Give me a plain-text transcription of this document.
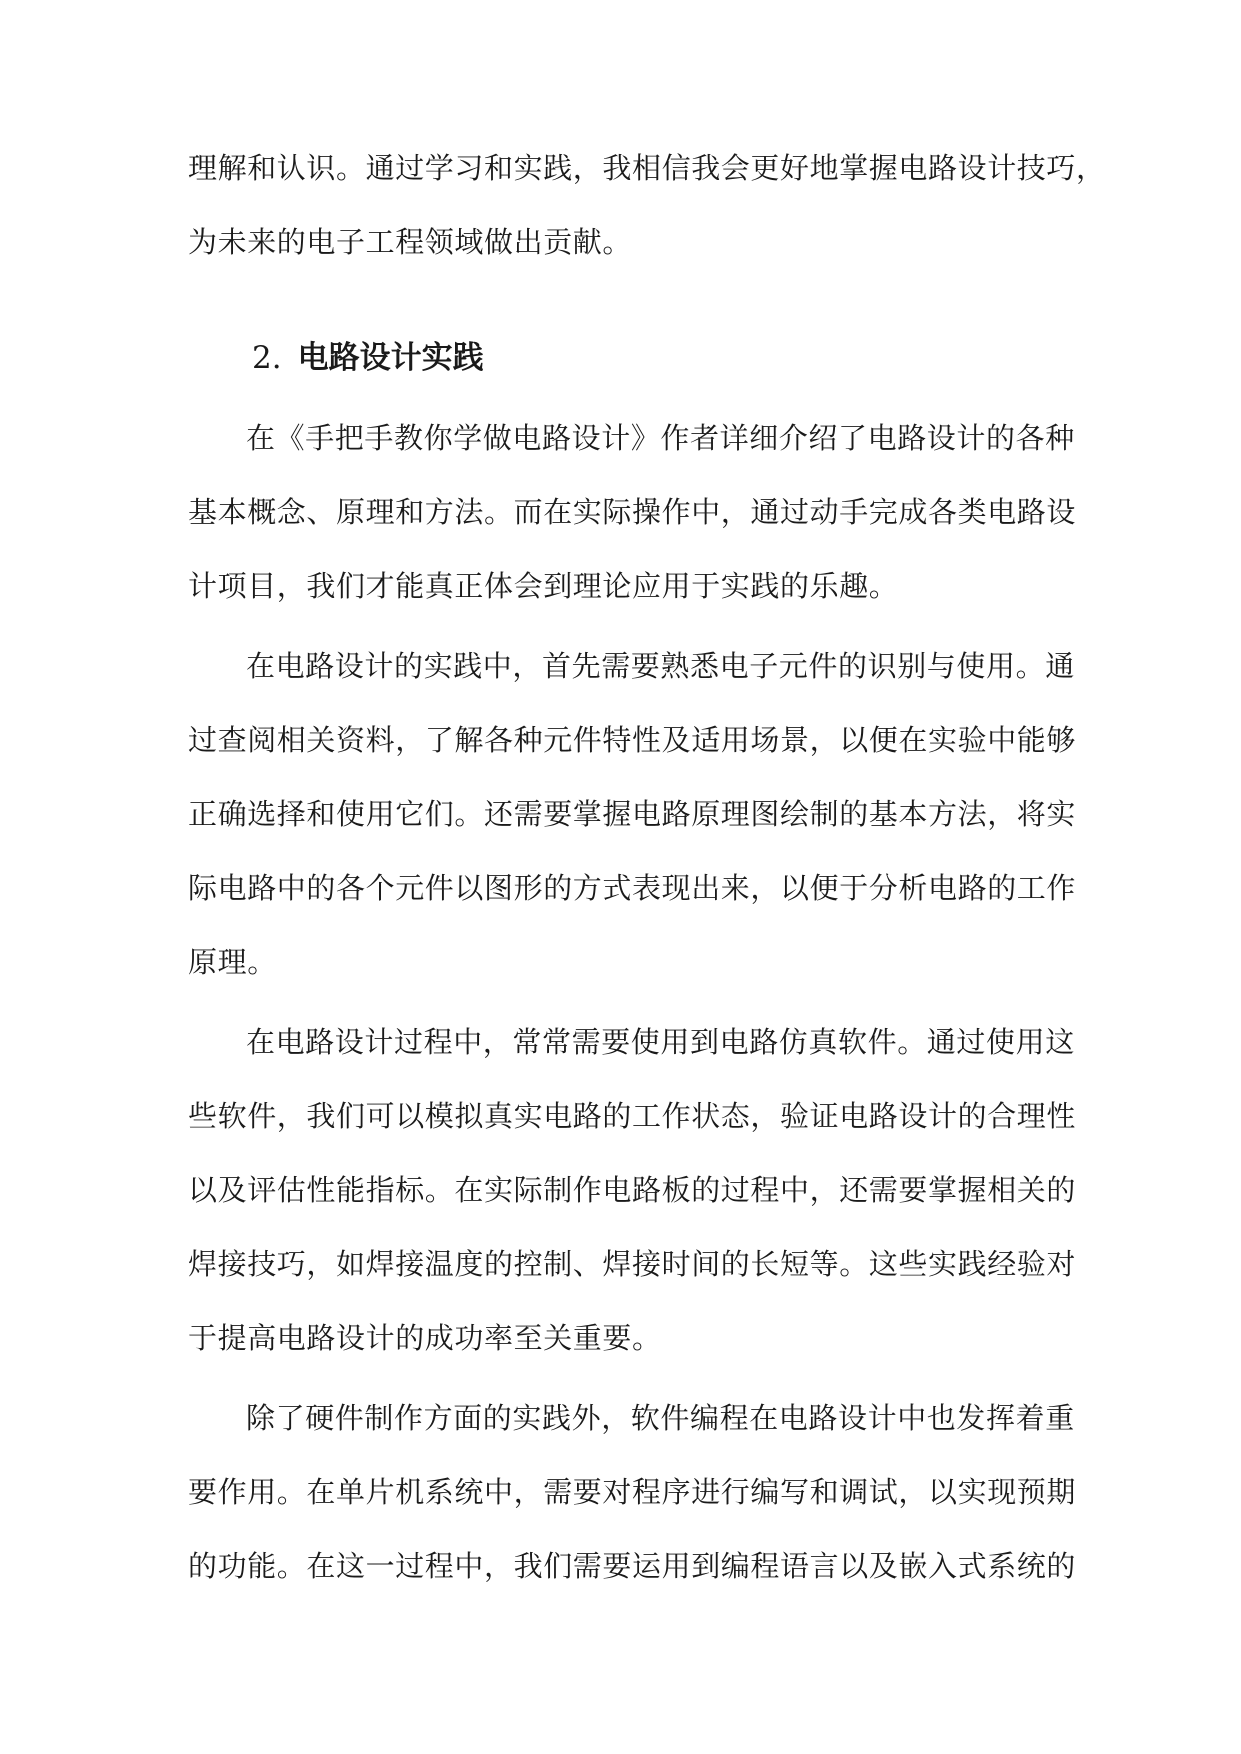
理解和认识。通过学习和实践，我相信我会更好地掌握电路设计技巧，
为未来的电子工程领域做出贡献。
2. 电路设计实践
在《手把手教你学做电路设计》作者详细介绍了电路设计的各种
基本概念、原理和方法。而在实际操作中，通过动手完成各类电路设
计项目，我们才能真正体会到理论应用于实践的乐趣。
在电路设计的实践中，首先需要熟悉电子元件的识别与使用。通
过查阅相关资料，了解各种元件特性及适用场景，以便在实验中能够
正确选择和使用它们。还需要掌握电路原理图绘制的基本方法，将实
际电路中的各个元件以图形的方式表现出来，以便于分析电路的工作
原理。
在电路设计过程中，常常需要使用到电路仿真软件。通过使用这
些软件，我们可以模拟真实电路的工作状态，验证电路设计的合理性
以及评估性能指标。在实际制作电路板的过程中，还需要掌握相关的
焊接技巧，如焊接温度的控制、焊接时间的长短等。这些实践经验对
于提高电路设计的成功率至关重要。
除了硬件制作方面的实践外，软件编程在电路设计中也发挥着重
要作用。在单片机系统中，需要对程序进行编写和调试，以实现预期
的功能。在这一过程中，我们需要运用到编程语言以及嵌入式系统的
